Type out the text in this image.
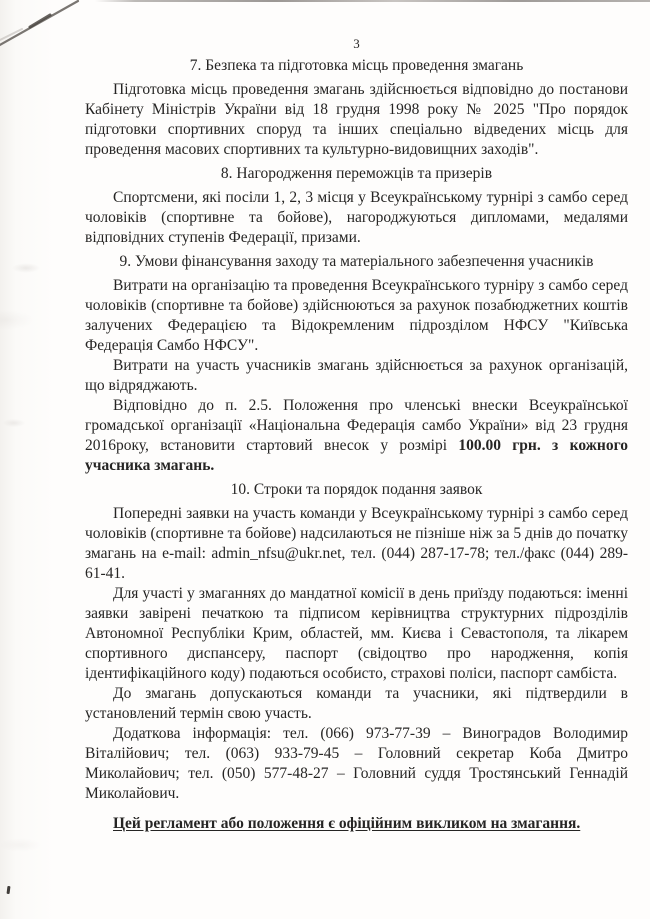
3
7. Безпека та підготовка місць проведення змагань

Підготовка місць проведення змагань здійснюється відповідно до постанови Кабінету Міністрів України від 18 грудня 1998 року № 2025 "Про порядок підготовки спортивних споруд та інших спеціально відведених місць для проведення масових спортивних та культурно-видовищних заходів".

8. Нагородження переможців та призерів

Спортсмени, які посіли 1, 2, 3 місця у Всеукраїнському турнірі з самбо серед чоловіків (спортивне та бойове), нагороджуються дипломами, медалями відповідних ступенів Федерації, призами.

9. Умови фінансування заходу та матеріального забезпечення учасників

Витрати на організацію та проведення Всеукраїнського турніру з самбо серед чоловіків (спортивне та бойове) здійснюються за рахунок позабюджетних коштів залучених Федерацією та Відокремленим підрозділом НФСУ "Київська Федерація Самбо НФСУ".

Витрати на участь учасників змагань здійснюється за рахунок організацій, що відряджають.

Відповідно до п. 2.5. Положення про членські внески Всеукраїнської громадської організації «Національна Федерація самбо України» від 23 грудня 2016року, встановити стартовий внесок у розмірі 100.00 грн. з кожного учасника змагань.

10. Строки та порядок подання заявок

Попередні заявки на участь команди у Всеукраїнському турнірі з самбо серед чоловіків (спортивне та бойове) надсилаються не пізніше ніж за 5 днів до початку змагань на e-mail: admin_nfsu@ukr.net, тел. (044) 287-17-78; тел./факс (044) 289-61-41.

Для участі у змаганнях до мандатної комісії в день приїзду подаються: іменні заявки завірені печаткою та підписом керівництва структурних підрозділів Автономної Республіки Крим, областей, мм. Києва і Севастополя, та лікарем спортивного диспансеру, паспорт (свідоцтво про народження, копія ідентифікаційного коду) подаються особисто, страхові поліси, паспорт самбіста.

До змагань допускаються команди та учасники, які підтвердили в установлений термін свою участь.

Додаткова інформація: тел. (066) 973-77-39 – Виноградов Володимир Віталійович; тел. (063) 933-79-45 – Головний секретар Коба Дмитро Миколайович; тел. (050) 577-48-27 – Головний суддя Тростянський Геннадій Миколайович.

Цей регламент або положення є офіційним викликом на змагання.
